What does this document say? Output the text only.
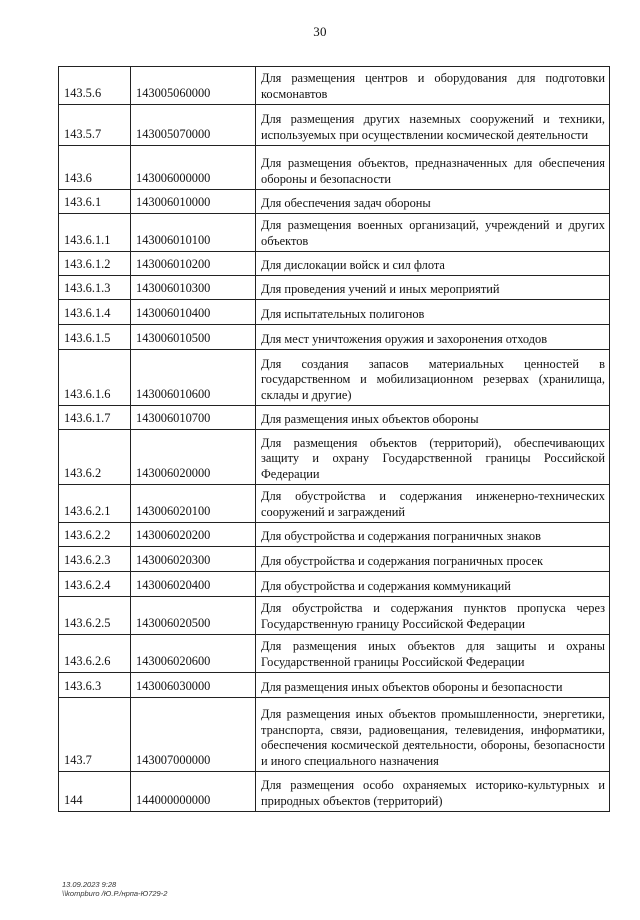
30
143.5.6	143005060000	Для размещения центров и оборудования для подготовки космонавтов
143.5.7	143005070000	Для размещения других наземных сооружений и техники, используемых при осуществлении космической деятельности
143.6	143006000000	Для размещения объектов, предназначенных для обеспечения обороны и безопасности
143.6.1	143006010000	Для обеспечения задач обороны
143.6.1.1	143006010100	Для размещения военных организаций, учреждений и других объектов
143.6.1.2	143006010200	Для дислокации войск и сил флота
143.6.1.3	143006010300	Для проведения учений и иных мероприятий
143.6.1.4	143006010400	Для испытательных полигонов
143.6.1.5	143006010500	Для мест уничтожения оружия и захоронения отходов
143.6.1.6	143006010600	Для создания запасов материальных ценностей в государственном и мобилизационном резервах (хранилища, склады и другие)
143.6.1.7	143006010700	Для размещения иных объектов обороны
143.6.2	143006020000	Для размещения объектов (территорий), обеспечивающих защиту и охрану Государственной границы Российской Федерации
143.6.2.1	143006020100	Для обустройства и содержания инженерно-технических сооружений и заграждений
143.6.2.2	143006020200	Для обустройства и содержания пограничных знаков
143.6.2.3	143006020300	Для обустройства и содержания пограничных просек
143.6.2.4	143006020400	Для обустройства и содержания коммуникаций
143.6.2.5	143006020500	Для обустройства и содержания пунктов пропуска через Государственную границу Российской Федерации
143.6.2.6	143006020600	Для размещения иных объектов для защиты и охраны Государственной границы Российской Федерации
143.6.3	143006030000	Для размещения иных объектов обороны и безопасности
143.7	143007000000	Для размещения иных объектов промышленности, энергетики, транспорта, связи, радиовещания, телевидения, информатики, обеспечения космической деятельности, обороны, безопасности и иного специального назначения
144	144000000000	Для размещения особо охраняемых историко-культурных и природных объектов (территорий)
13.09.2023 9:28
\\kompburo /Ю.Р./нрпа-Ю729-2
